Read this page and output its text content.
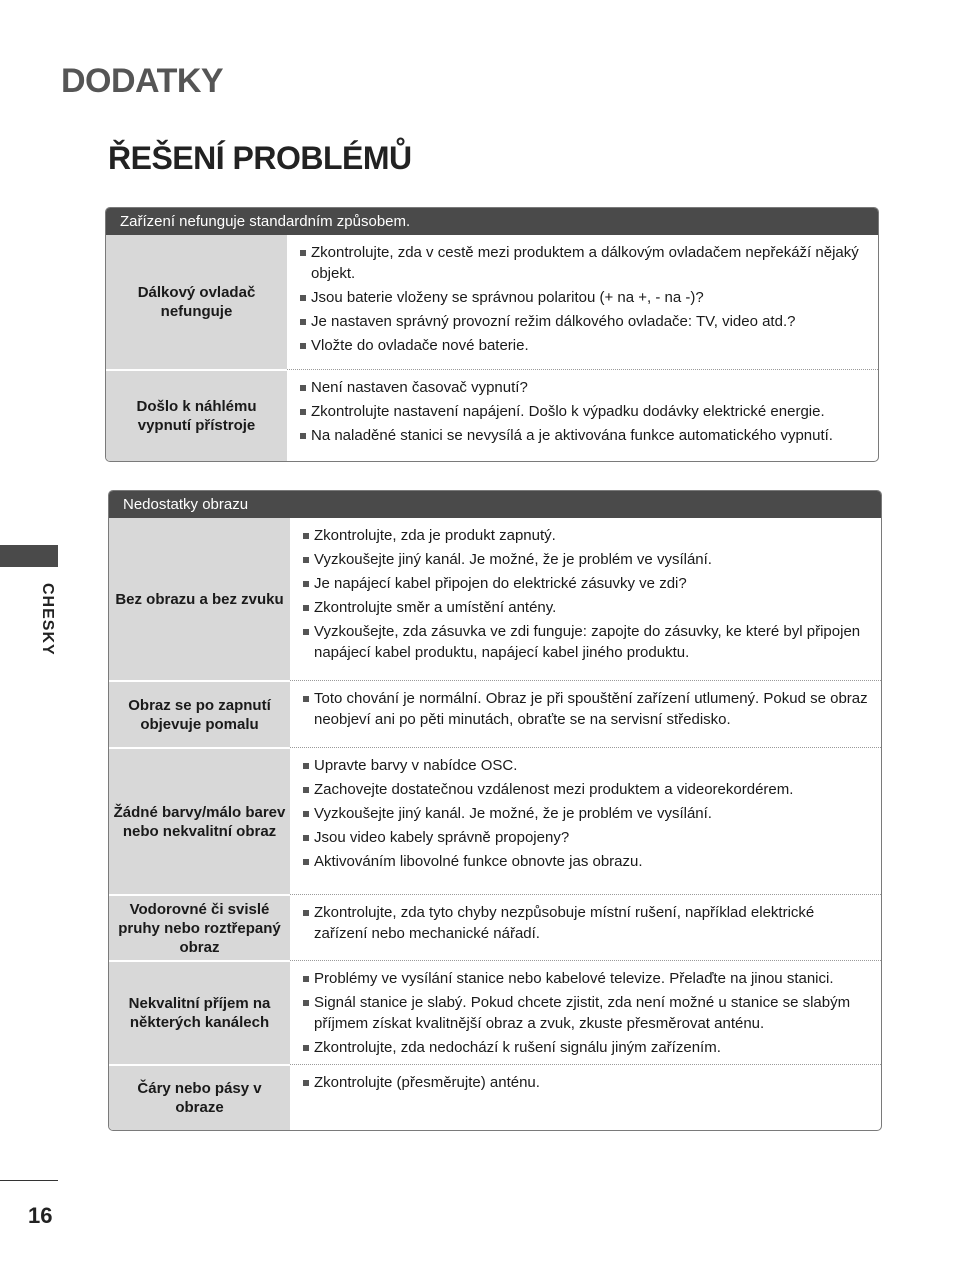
DODATKY
ŘEŠENÍ PROBLÉMŮ
Zařízení nefunguje standardním způsobem.
Dálkový ovladač nefunguje
Zkontrolujte, zda v cestě mezi produktem a dálkovým ovladačem nepřekáží nějaký objekt.
Jsou baterie vloženy se správnou polaritou (+ na +, - na -)?
Je nastaven správný provozní režim dálkového ovladače: TV, video atd.?
Vložte do ovladače nové baterie.
Došlo k náhlému vypnutí přístroje
Není nastaven časovač vypnutí?
Zkontrolujte nastavení napájení. Došlo k výpadku dodávky elektrické energie.
Na naladěné stanici se nevysílá a je aktivována funkce automatického vypnutí.
Nedostatky obrazu
Bez obrazu a bez zvuku
Zkontrolujte, zda je produkt zapnutý.
Vyzkoušejte jiný kanál. Je možné, že je problém ve vysílání.
Je napájecí kabel připojen do elektrické zásuvky ve zdi?
Zkontrolujte směr a umístění antény.
Vyzkoušejte, zda zásuvka ve zdi funguje: zapojte do zásuvky, ke které byl připojen napájecí kabel produktu, napájecí kabel jiného produktu.
Obraz se po zapnutí objevuje pomalu
Toto chování je normální. Obraz je při spouštění zařízení utlumený. Pokud se obraz neobjeví ani po pěti minutách, obraťte se na servisní středisko.
Žádné barvy/málo barev nebo nekvalitní obraz
Upravte barvy v nabídce OSC.
Zachovejte dostatečnou vzdálenost mezi produktem a videorekordérem.
Vyzkoušejte jiný kanál. Je možné, že je problém ve vysílání.
Jsou video kabely správně propojeny?
Aktivováním libovolné funkce obnovte jas obrazu.
Vodorovné či svislé pruhy nebo roztřepaný obraz
Zkontrolujte, zda tyto chyby nezpůsobuje místní rušení, například elektrické zařízení nebo mechanické nářadí.
Nekvalitní příjem na některých kanálech
Problémy ve vysílání stanice nebo kabelové televize. Přelaďte na jinou stanici.
Signál stanice je slabý. Pokud chcete zjistit, zda není možné u stanice se slabým příjmem získat kvalitnější obraz a zvuk, zkuste přesměrovat anténu.
Zkontrolujte, zda nedochází k rušení signálu jiným zařízením.
Čáry nebo pásy v obraze
Zkontrolujte (přesměrujte) anténu.

CHESKY

16
